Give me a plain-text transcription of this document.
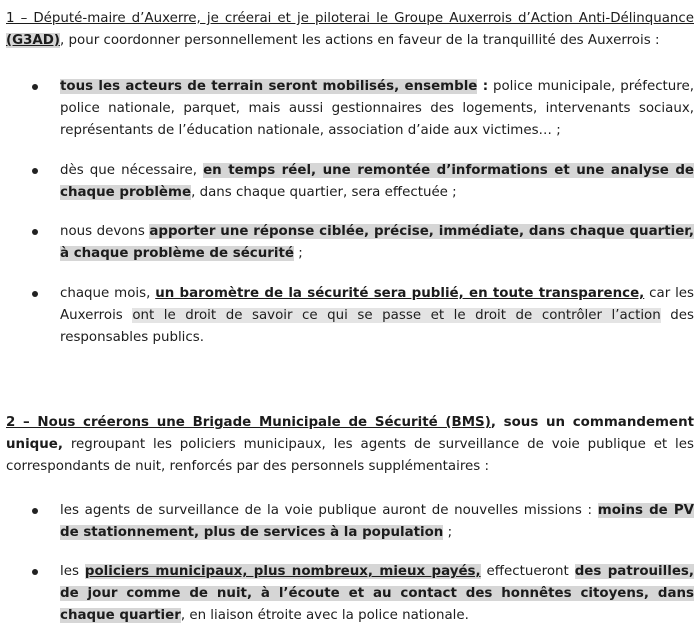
1 – Député-maire d’Auxerre, je créerai et je piloterai le Groupe Auxerrois d’Action Anti-Délinquance (G3AD), pour coordonner personnellement les actions en faveur de la tranquillité des Auxerrois :
tous les acteurs de terrain seront mobilisés, ensemble : police municipale, préfecture, police nationale, parquet, mais aussi gestionnaires des logements, intervenants sociaux, représentants de l’éducation nationale, association d’aide aux victimes… ;
dès que nécessaire, en temps réel, une remontée d’informations et une analyse de chaque problème, dans chaque quartier, sera effectuée ;
nous devons apporter une réponse ciblée, précise, immédiate, dans chaque quartier, à chaque problème de sécurité ;
chaque mois, un baromètre de la sécurité sera publié, en toute transparence, car les Auxerrois ont le droit de savoir ce qui se passe et le droit de contrôler l’action des responsables publics.
2 – Nous créerons une Brigade Municipale de Sécurité (BMS), sous un commandement unique, regroupant les policiers municipaux, les agents de surveillance de voie publique et les correspondants de nuit, renforcés par des personnels supplémentaires :
les agents de surveillance de la voie publique auront de nouvelles missions : moins de PV de stationnement, plus de services à la population ;
les policiers municipaux, plus nombreux, mieux payés, effectueront des patrouilles, de jour comme de nuit, à l’écoute et au contact des honnêtes citoyens, dans chaque quartier, en liaison étroite avec la police nationale.
